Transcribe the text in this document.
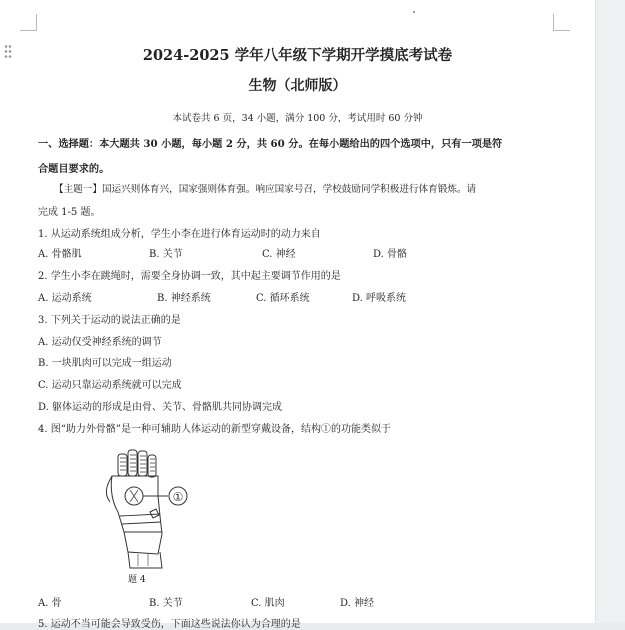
2024-2025 学年八年级下学期开学摸底考试卷
生物（北师版）
本试卷共 6 页，34 小题，满分 100 分，考试用时 60 分钟
一、选择题：本大题共 30 小题，每小题 2 分，共 60 分。在每小题给出的四个选项中，只有一项是符
合题目要求的。
【主题一】国运兴则体育兴，国家强则体育强。响应国家号召，学校鼓励同学积极进行体育锻炼。请
完成 1-5 题。
1. 从运动系统组成分析，学生小李在进行体育运动时的动力来自
A. 骨骼肌	B. 关节	C. 神经	D. 骨骼
2. 学生小李在跳绳时，需要全身协调一致，其中起主要调节作用的是
A. 运动系统	B. 神经系统	C. 循环系统	D. 呼吸系统
3. 下列关于运动的说法正确的是
A. 运动仅受神经系统的调节
B. 一块肌肉可以完成一组运动
C. 运动只靠运动系统就可以完成
D. 躯体运动的形成是由骨、关节、骨骼肌共同协调完成
4. 图“助力外骨骼”是一种可辅助人体运动的新型穿戴设备，结构①的功能类似于
①
题 4
A. 骨	B. 关节	C. 肌肉	D. 神经
5. 运动不当可能会导致受伤，下面这些说法你认为合理的是
